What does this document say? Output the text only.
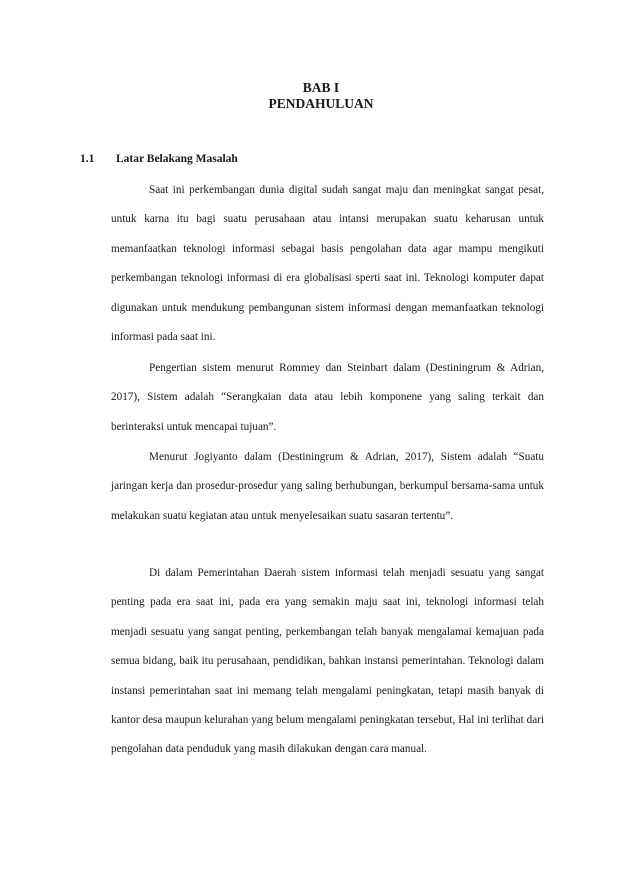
BAB I
PENDAHULUAN
1.1 Latar Belakang Masalah

Saat ini perkembangan dunia digital sudah sangat maju dan meningkat sangat pesat, untuk karna itu bagi suatu perusahaan atau intansi merupakan suatu keharusan untuk memanfaatkan teknologi informasi sebagai basis pengolahan data agar mampu mengikuti perkembangan teknologi informasi di era globalisasi sperti saat ini. Teknologi komputer dapat digunakan untuk mendukung pembangunan sistem informasi dengan memanfaatkan teknologi informasi pada saat ini.

Pengertian sistem menurut Rommey dan Steinbart dalam (Destiningrum & Adrian, 2017), Sistem adalah “Serangkaian data atau lebih komponene yang saling terkait dan berinteraksi untuk mencapai tujuan”.

Menurut Jogiyanto dalam (Destiningrum & Adrian, 2017), Sistem adalah “Suatu jaringan kerja dan prosedur-prosedur yang saling berhubungan, berkumpul bersama-sama untuk melakukan suatu kegiatan atau untuk menyelesaikan suatu sasaran tertentu”.

Di dalam Pemerintahan Daerah sistem informasi telah menjadi sesuatu yang sangat penting pada era saat ini, pada era yang semakin maju saat ini, teknologi informasi telah menjadi sesuatu yang sangat penting, perkembangan telah banyak mengalamai kemajuan pada semua bidang, baik itu perusahaan, pendidikan, bahkan instansi pemerintahan. Teknologi dalam instansi pemerintahan saat ini memang telah mengalami peningkatan, tetapi masih banyak di kantor desa maupun kelurahan yang belum mengalami peningkatan tersebut, Hal ini terlihat dari pengolahan data penduduk yang masih dilakukan dengan cara manual.
